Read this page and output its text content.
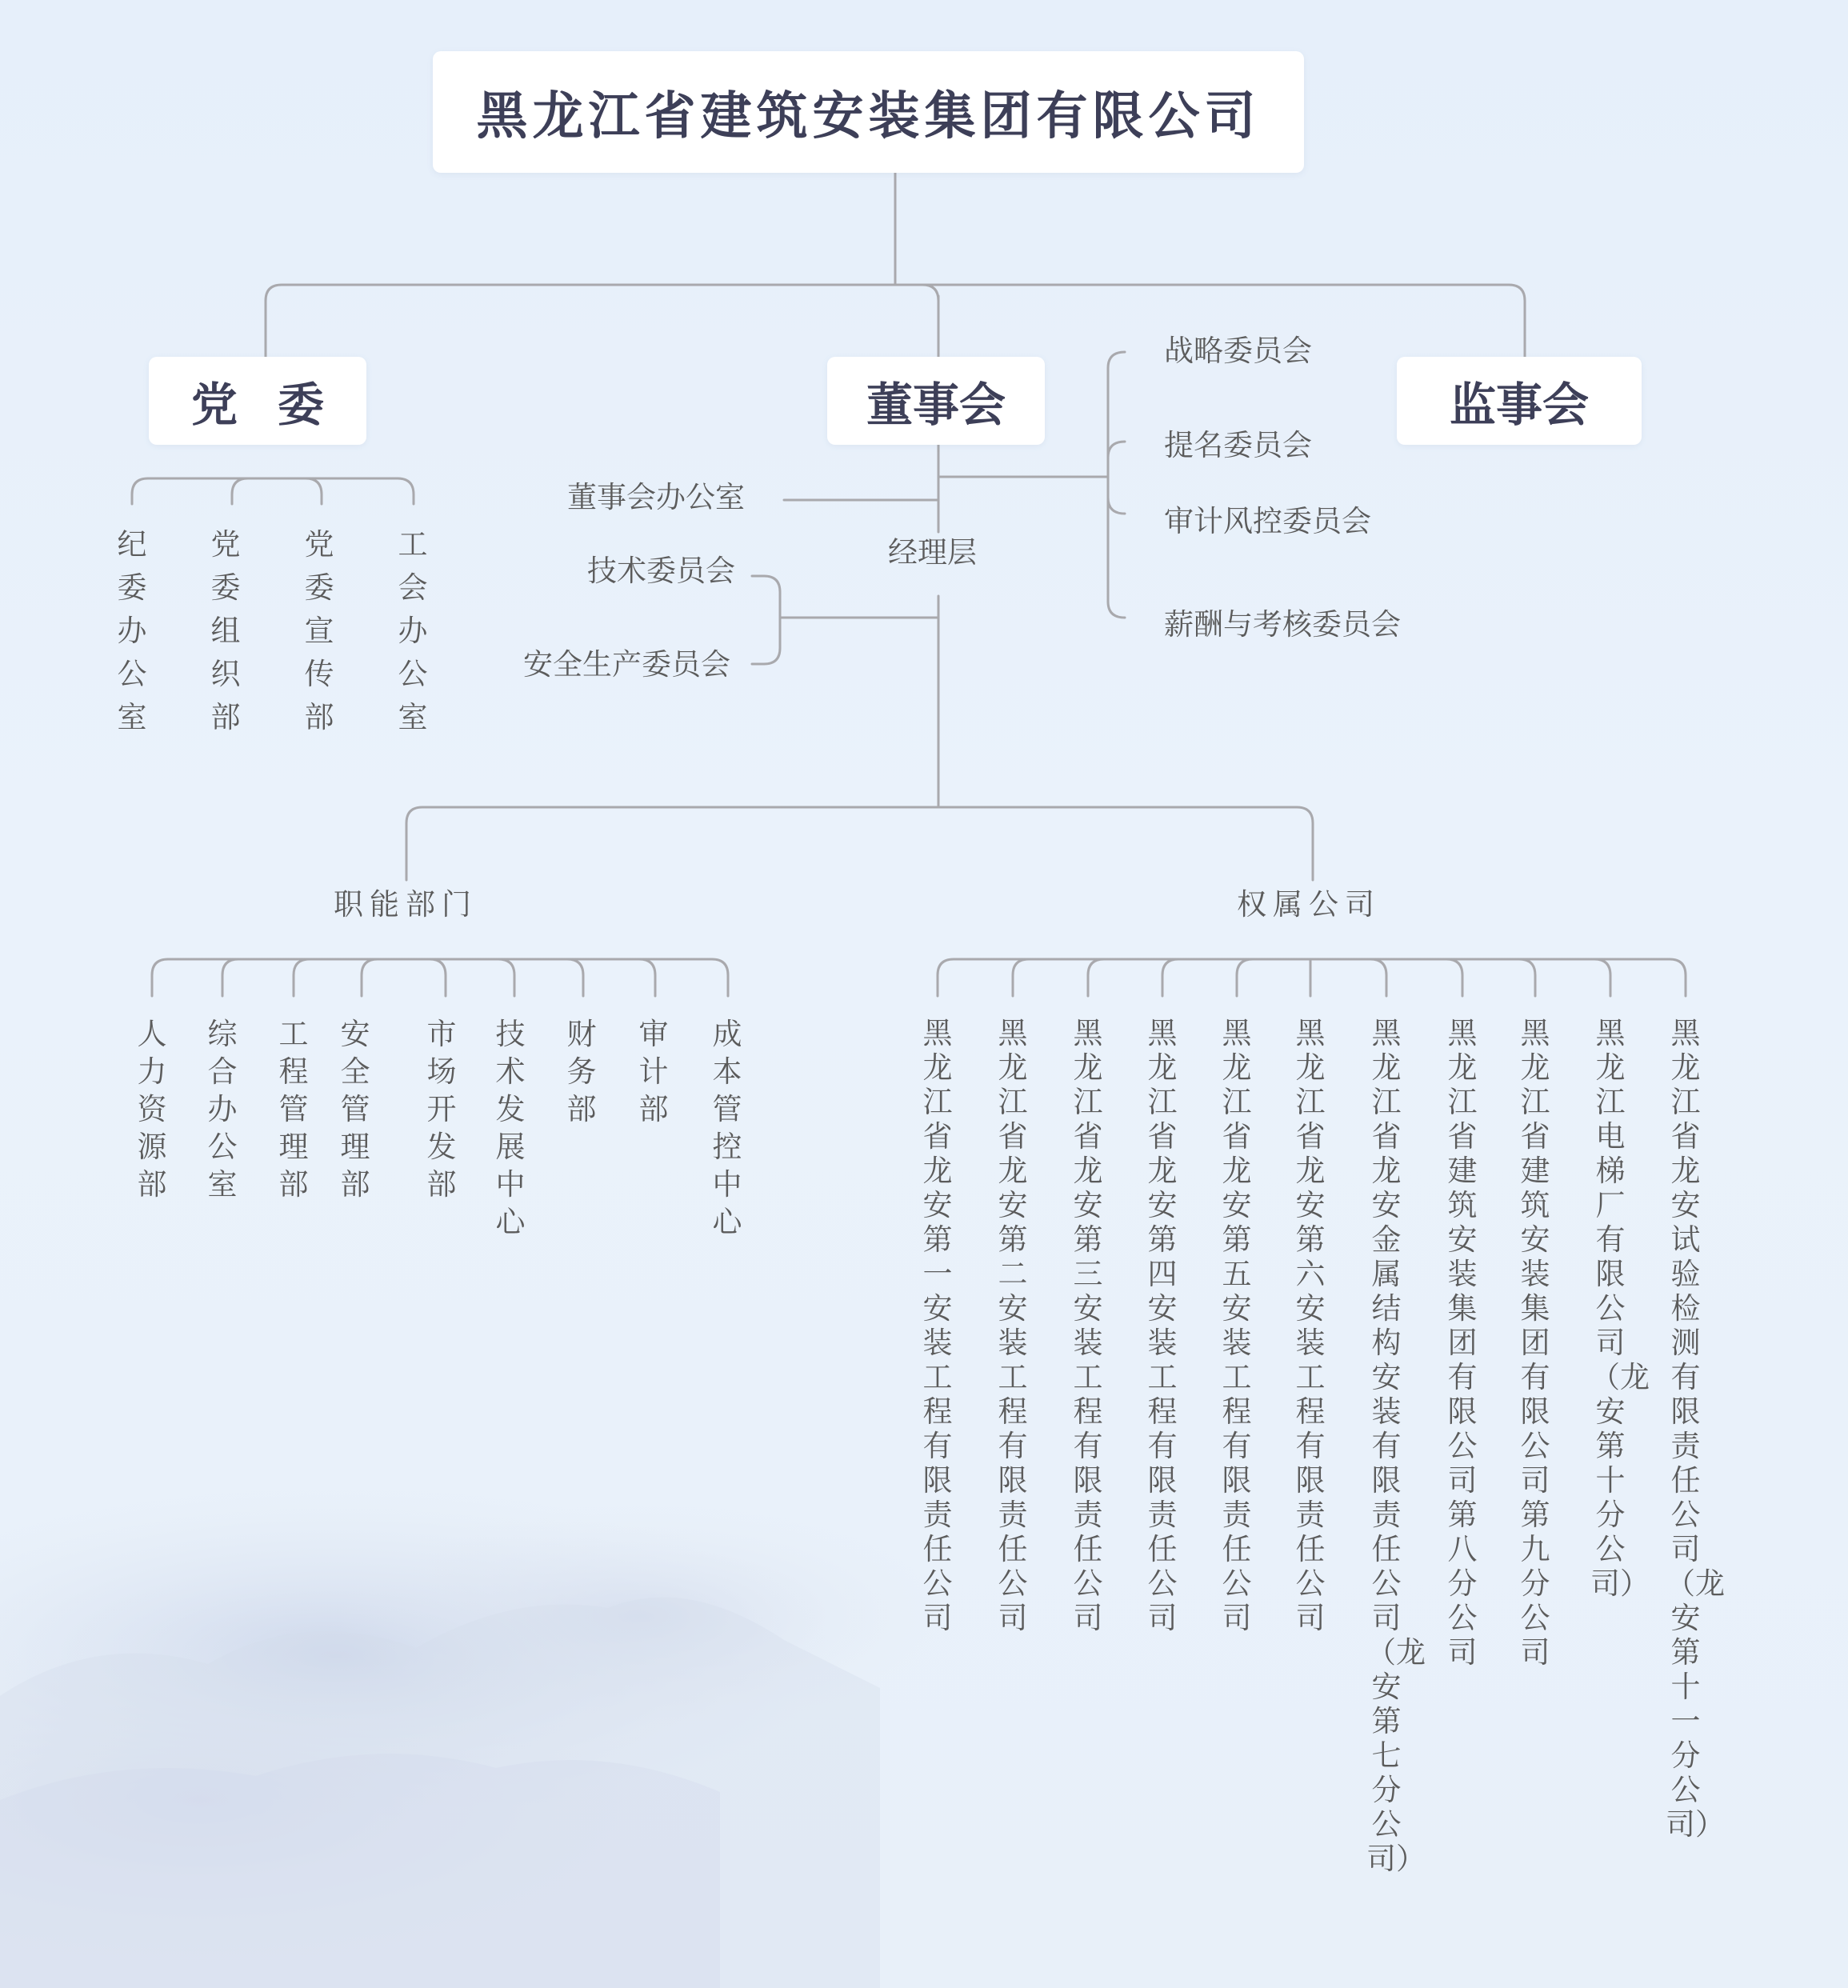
黑龙江省建筑安装集团有限公司
党委	董事会	监事会
纪委办公室
党委组织部
党委宣传部
工会办公室
战略委员会
提名委员会
审计风控委员会
薪酬与考核委员会
董事会办公室
经理层
技术委员会
安全生产委员会
职能部门	权属公司
人力资源部
综合办公室
工程管理部
安全管理部
市场开发部
技术发展中心
财务部
审计部
成本管控中心
黑龙江省龙安第一安装工程有限责任公司
黑龙江省龙安第二安装工程有限责任公司
黑龙江省龙安第三安装工程有限责任公司
黑龙江省龙安第四安装工程有限责任公司
黑龙江省龙安第五安装工程有限责任公司
黑龙江省龙安第六安装工程有限责任公司
黑龙江省龙安金属结构安装有限责任公司（龙安第七分公司）
黑龙江省建筑安装集团有限公司第八分公司
黑龙江省建筑安装集团有限公司第九分公司
黑龙江电梯厂有限公司（龙安第十分公司）
黑龙江省龙安试验检测有限责任公司（龙安第十一分公司）
